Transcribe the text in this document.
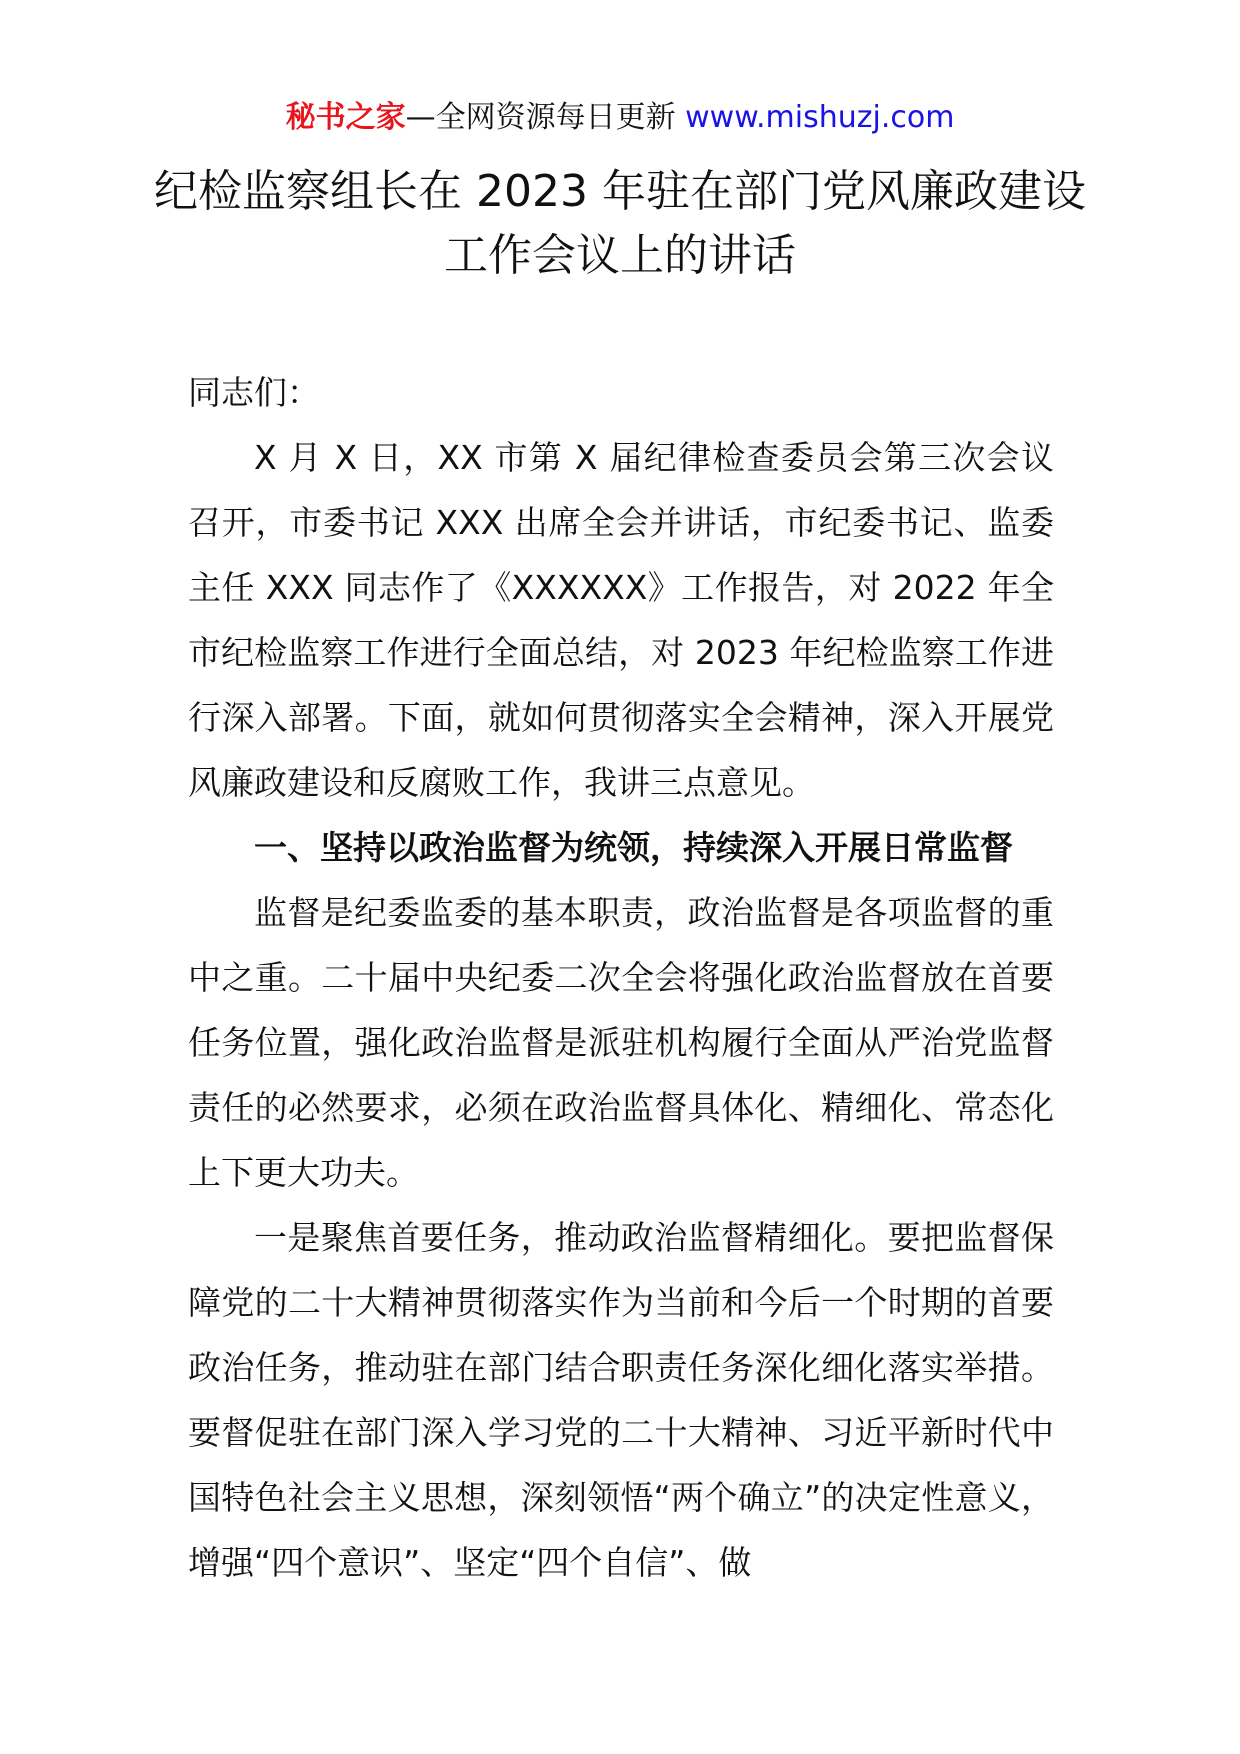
秘书之家—全网资源每日更新 www.mishuzj.com
纪检监察组长在 2023 年驻在部门党风廉政建设工作会议上的讲话

同志们：

X 月 X 日，XX 市第 X 届纪律检查委员会第三次会议召开，市委书记 XXX 出席全会并讲话，市纪委书记、监委主任 XXX 同志作了《XXXXXX》工作报告，对 2022 年全市纪检监察工作进行全面总结，对 2023 年纪检监察工作进行深入部署。下面，就如何贯彻落实全会精神，深入开展党风廉政建设和反腐败工作，我讲三点意见。

一、坚持以政治监督为统领，持续深入开展日常监督

监督是纪委监委的基本职责，政治监督是各项监督的重中之重。二十届中央纪委二次全会将强化政治监督放在首要任务位置，强化政治监督是派驻机构履行全面从严治党监督责任的必然要求，必须在政治监督具体化、精细化、常态化上下更大功夫。

一是聚焦首要任务，推动政治监督精细化。要把监督保障党的二十大精神贯彻落实作为当前和今后一个时期的首要政治任务，推动驻在部门结合职责任务深化细化落实举措。要督促驻在部门深入学习党的二十大精神、习近平新时代中国特色社会主义思想，深刻领悟“两个确立”的决定性意义，增强“四个意识”、坚定“四个自信”、做
